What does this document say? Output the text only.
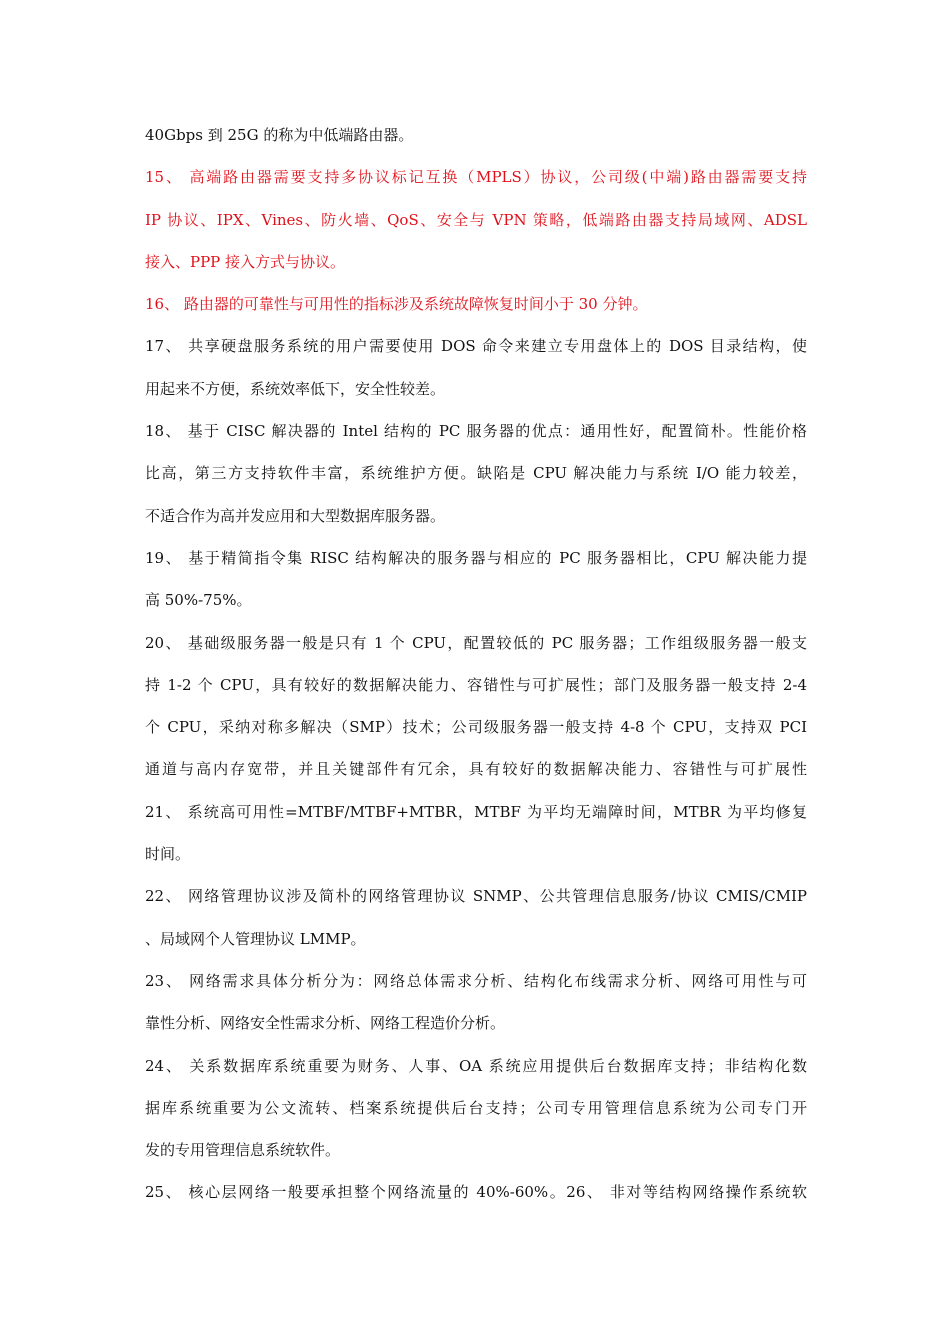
40Gbps 到 25G 的称为中低端路由器。
15、 高端路由器需要支持多协议标记互换（MPLS）协议，公司级(中端)路由器需要支持
IP 协议、IPX、Vines、防火墙、QoS、安全与 VPN 策略，低端路由器支持局域网、ADSL
接入、PPP 接入方式与协议。
16、 路由器的可靠性与可用性的指标涉及系统故障恢复时间小于 30 分钟。
17、 共享硬盘服务系统的用户需要使用 DOS 命令来建立专用盘体上的 DOS 目录结构，使
用起来不方便，系统效率低下，安全性较差。
18、 基于 CISC 解决器的 Intel 结构的 PC 服务器的优点：通用性好，配置简朴。性能价格
比高，第三方支持软件丰富，系统维护方便。缺陷是 CPU 解决能力与系统 I/O 能力较差，
不适合作为高并发应用和大型数据库服务器。
19、 基于精简指令集 RISC 结构解决的服务器与相应的 PC 服务器相比，CPU 解决能力提
高 50%-75%。
20、 基础级服务器一般是只有 1 个 CPU，配置较低的 PC 服务器；工作组级服务器一般支
持 1-2 个 CPU，具有较好的数据解决能力、容错性与可扩展性；部门及服务器一般支持 2-4
个 CPU，采纳对称多解决（SMP）技术；公司级服务器一般支持 4-8 个 CPU，支持双 PCI
通道与高内存宽带，并且关键部件有冗余，具有较好的数据解决能力、容错性与可扩展性
21、 系统高可用性=MTBF/MTBF+MTBR，MTBF 为平均无端障时间，MTBR 为平均修复
时间。
22、 网络管理协议涉及简朴的网络管理协议 SNMP、公共管理信息服务/协议 CMIS/CMIP
、局域网个人管理协议 LMMP。
23、 网络需求具体分析分为：网络总体需求分析、结构化布线需求分析、网络可用性与可
靠性分析、网络安全性需求分析、网络工程造价分析。
24、 关系数据库系统重要为财务、人事、OA 系统应用提供后台数据库支持；非结构化数
据库系统重要为公文流转、档案系统提供后台支持；公司专用管理信息系统为公司专门开
发的专用管理信息系统软件。
25、 核心层网络一般要承担整个网络流量的 40%-60%。26、 非对等结构网络操作系统软
